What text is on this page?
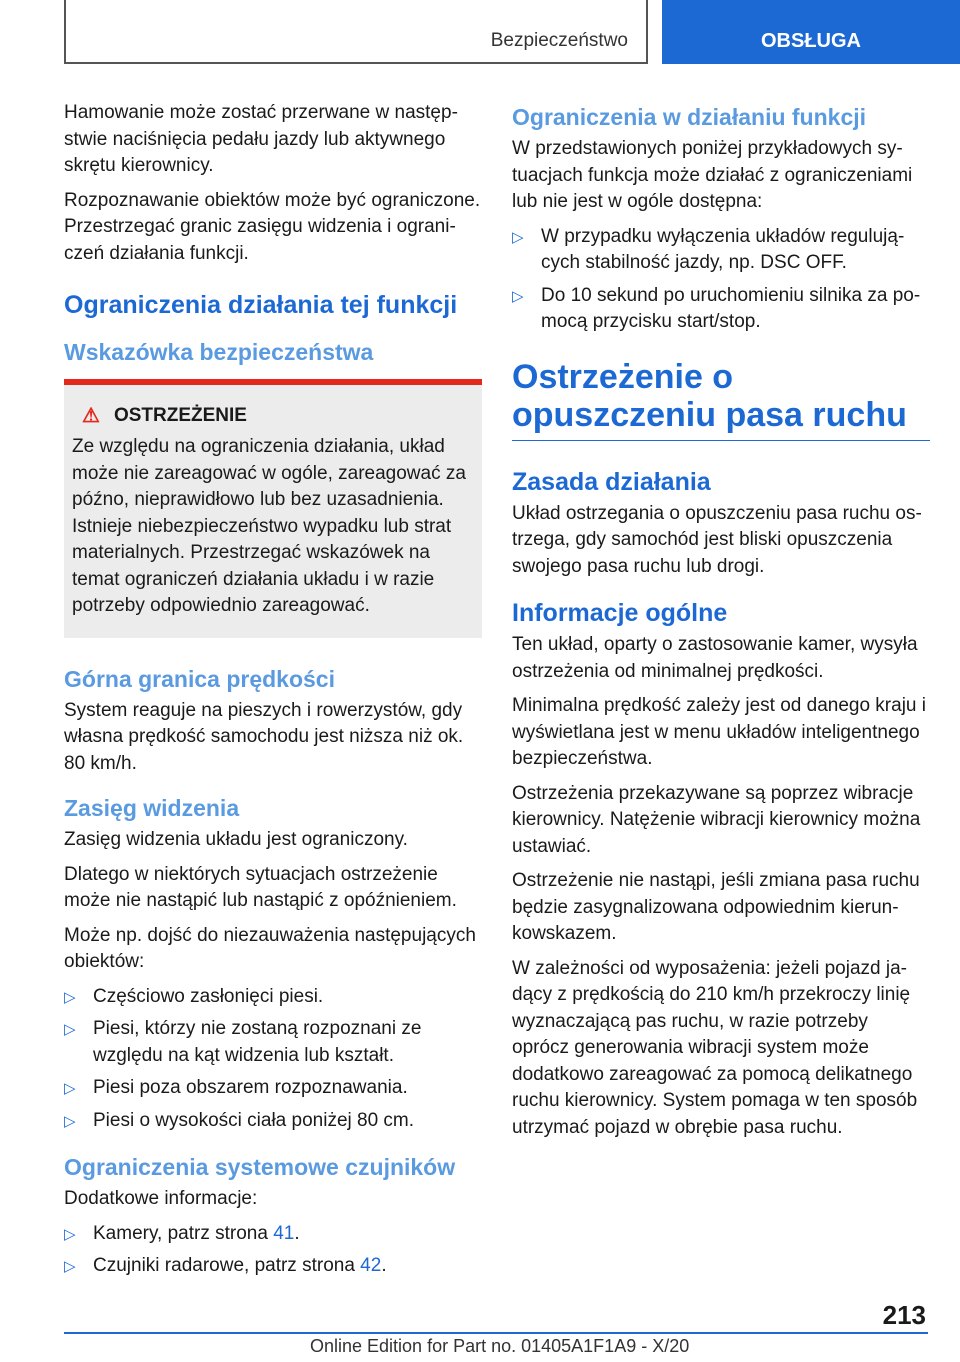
Bezpieczeństwo	OBSŁUGA

Hamowanie może zostać przerwane w następstwie naciśnięcia pedału jazdy lub aktywnego skrętu kierownicy.

Rozpoznawanie obiektów może być ograniczone. Przestrzegać granic zasięgu widzenia i ograniczeń działania funkcji.

Ograniczenia działania tej funkcji
Wskazówka bezpieczeństwa
⚠ OSTRZEŻENIE

Ze względu na ograniczenia działania, układ może nie zareagować w ogóle, zareagować za późno, nieprawidłowo lub bez uzasadnienia. Istnieje niebezpieczeństwo wypadku lub strat materialnych. Przestrzegać wskazówek na temat ograniczeń działania układu i w razie potrzeby odpowiednio zareagować.

Górna granica prędkości

System reaguje na pieszych i rowerzystów, gdy własna prędkość samochodu jest niższa niż ok. 80 km/h.

Zasięg widzenia

Zasięg widzenia układu jest ograniczony.

Dlatego w niektórych sytuacjach ostrzeżenie może nie nastąpić lub nastąpić z opóźnieniem.

Może np. dojść do niezauważenia następujących obiektów:

▷ Częściowo zasłonięci piesi.
▷ Piesi, którzy nie zostaną rozpoznani ze względu na kąt widzenia lub kształt.
▷ Piesi poza obszarem rozpoznawania.
▷ Piesi o wysokości ciała poniżej 80 cm.
Ograniczenia systemowe czujników

Dodatkowe informacje:

▷ Kamery, patrz strona 41.
▷ Czujniki radarowe, patrz strona 42.
Ograniczenia w działaniu funkcji

W przedstawionych poniżej przykładowych sytuacjach funkcja może działać z ograniczeniami lub nie jest w ogóle dostępna:

▷ W przypadku wyłączenia układów regulujących stabilność jazdy, np. DSC OFF.
▷ Do 10 sekund po uruchomieniu silnika za pomocą przycisku start/stop.
Ostrzeżenie o opuszczeniu pasa ruchu
Zasada działania

Układ ostrzegania o opuszczeniu pasa ruchu ostrzega, gdy samochód jest bliski opuszczenia swojego pasa ruchu lub drogi.

Informacje ogólne

Ten układ, oparty o zastosowanie kamer, wysyła ostrzeżenia od minimalnej prędkości.

Minimalna prędkość zależy jest od danego kraju i wyświetlana jest w menu układów inteligentnego bezpieczeństwa.

Ostrzeżenia przekazywane są poprzez wibracje kierownicy. Natężenie wibracji kierownicy można ustawiać.

Ostrzeżenie nie nastąpi, jeśli zmiana pasa ruchu będzie zasygnalizowana odpowiednim kierunkowskazem.

W zależności od wyposażenia: jeżeli pojazd jadący z prędkością do 210 km/h przekroczy linię wyznaczającą pas ruchu, w razie potrzeby oprócz generowania wibracji system może dodatkowo zareagować za pomocą delikatnego ruchu kierownicy. System pomaga w ten sposób utrzymać pojazd w obrębie pasa ruchu.

213
Online Edition for Part no. 01405A1F1A9 - X/20
